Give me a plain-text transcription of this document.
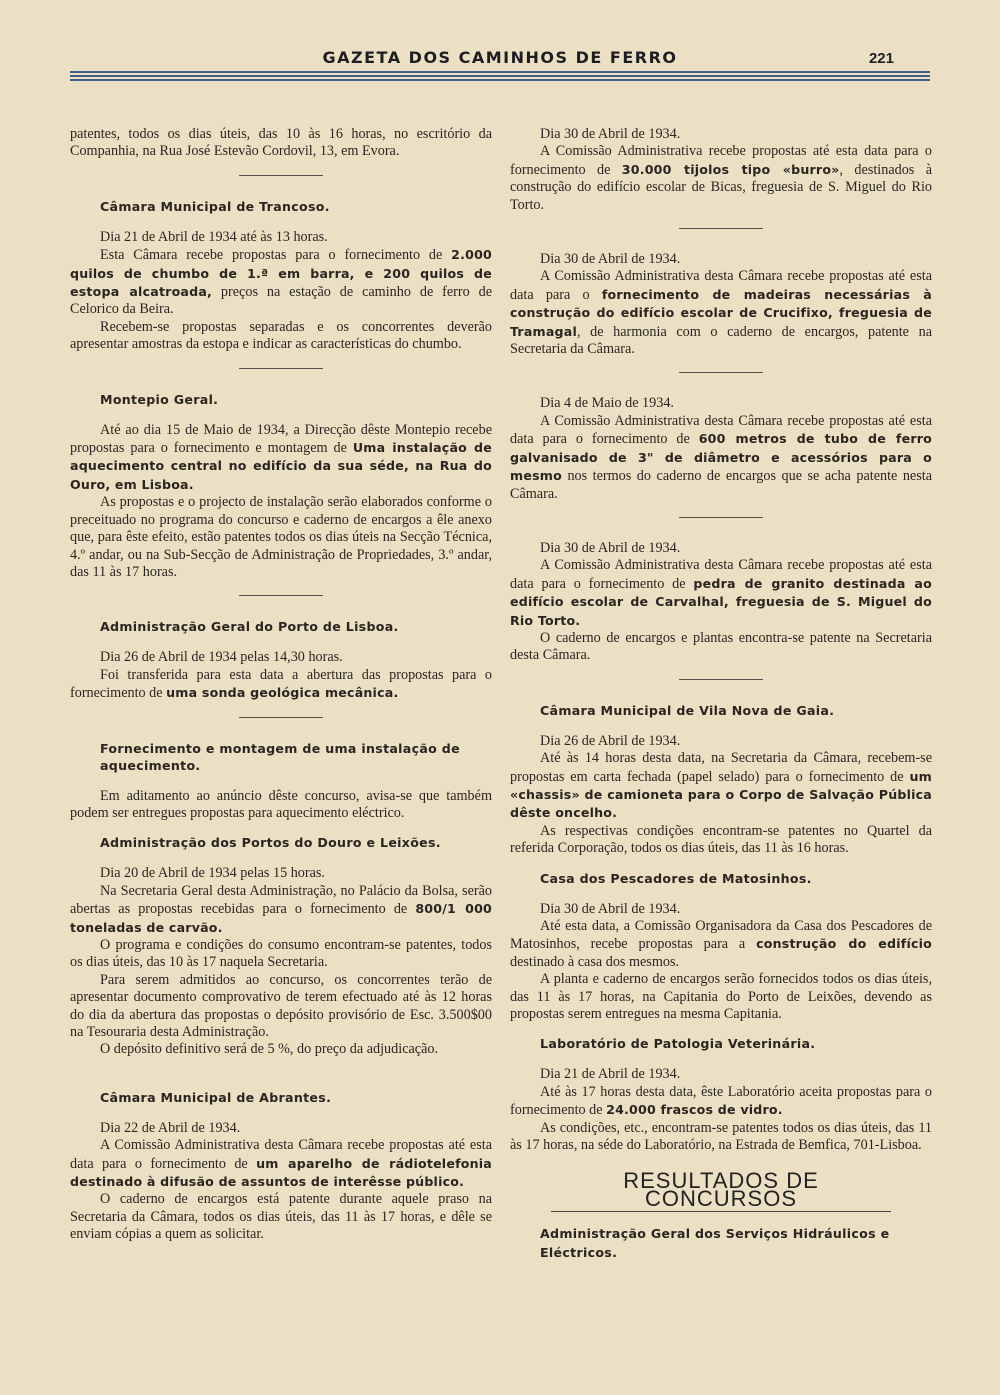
GAZETA DOS CAMINHOS DE FERRO	221

patentes, todos os dias úteis, das 10 às 16 horas, no escritório da Companhia, na Rua José Estevão Cordovil, 13, em Evora.

Câmara Municipal de Trancoso.

Dia 21 de Abril de 1934 até às 13 horas.

Esta Câmara recebe propostas para o fornecimento de 2.000 quilos de chumbo de 1.ª em barra, e 200 quilos de estopa alcatroada, preços na estação de caminho de ferro de Celorico da Beira.

Recebem-se propostas separadas e os concorrentes deverão apresentar amostras da estopa e indicar as características do chumbo.

Montepio Geral.

Até ao dia 15 de Maio de 1934, a Direcção dêste Montepio recebe propostas para o fornecimento e montagem de Uma instalação de aquecimento central no edifício da sua séde, na Rua do Ouro, em Lisboa.

As propostas e o projecto de instalação serão elaborados conforme o preceituado no programa do concurso e caderno de encargos a êle anexo que, para êste efeito, estão patentes todos os dias úteis na Secção Técnica, 4.º andar, ou na Sub-Secção de Administração de Propriedades, 3.º andar, das 11 às 17 horas.

Administração Geral do Porto de Lisboa.

Dia 26 de Abril de 1934 pelas 14,30 horas.

Foi transferida para esta data a abertura das propostas para o fornecimento de uma sonda geológica mecânica.

Fornecimento e montagem de uma instalação de aquecimento.

Em aditamento ao anúncio dêste concurso, avisa-se que também podem ser entregues propostas para aquecimento eléctrico.

Administração dos Portos do Douro e Leixões.

Dia 20 de Abril de 1934 pelas 15 horas.

Na Secretaria Geral desta Administração, no Palácio da Bolsa, serão abertas as propostas recebidas para o fornecimento de 800/1 000 toneladas de carvão.

O programa e condições do consumo encontram-se patentes, todos os dias úteis, das 10 às 17 naquela Secretaria.

Para serem admitidos ao concurso, os concorrentes terão de apresentar documento comprovativo de terem efectuado até às 12 horas do dia da abertura das propostas o depósito provisório de Esc. 3.500$00 na Tesouraria desta Administração.

O depósito definitivo será de 5 %, do preço da adjudicação.

Câmara Municipal de Abrantes.

Dia 22 de Abril de 1934.

A Comissão Administrativa desta Câmara recebe propostas até esta data para o fornecimento de um aparelho de rádiotelefonia destinado à difusão de assuntos de interêsse público.

O caderno de encargos está patente durante aquele praso na Secretaria da Câmara, todos os dias úteis, das 11 às 17 horas, e dêle se enviam cópias a quem as solicitar.

Dia 30 de Abril de 1934.

A Comissão Administrativa recebe propostas até esta data para o fornecimento de 30.000 tijolos tipo «burro», destinados à construção do edifício escolar de Bicas, freguesia de S. Miguel do Rio Torto.

Dia 30 de Abril de 1934.

A Comissão Administrativa desta Câmara recebe propostas até esta data para o fornecimento de madeiras necessárias à construção do edifício escolar de Crucifixo, freguesia de Tramagal, de harmonia com o caderno de encargos, patente na Secretaria da Câmara.

Dia 4 de Maio de 1934.

A Comissão Administrativa desta Câmara recebe propostas até esta data para o fornecimento de 600 metros de tubo de ferro galvanisado de 3" de diâmetro e acessórios para o mesmo nos termos do caderno de encargos que se acha patente nesta Câmara.

Dia 30 de Abril de 1934.

A Comissão Administrativa desta Câmara recebe propostas até esta data para o fornecimento de pedra de granito destinada ao edifício escolar de Carvalhal, freguesia de S. Miguel do Rio Torto.

O caderno de encargos e plantas encontra-se patente na Secretaria desta Câmara.

Câmara Municipal de Vila Nova de Gaia.

Dia 26 de Abril de 1934.

Até às 14 horas desta data, na Secretaria da Câmara, recebem-se propostas em carta fechada (papel selado) para o fornecimento de um «chassis» de camioneta para o Corpo de Salvação Pública dêste oncelho.

As respectivas condições encontram-se patentes no Quartel da referida Corporação, todos os dias úteis, das 11 às 16 horas.

Casa dos Pescadores de Matosinhos.

Dia 30 de Abril de 1934.

Até esta data, a Comissão Organisadora da Casa dos Pescadores de Matosinhos, recebe propostas para a construção do edifício destinado à casa dos mesmos.

A planta e caderno de encargos serão fornecidos todos os dias úteis, das 11 às 17 horas, na Capitania do Porto de Leixões, devendo as propostas serem entregues na mesma Capitania.

Laboratório de Patologia Veterinária.

Dia 21 de Abril de 1934.

Até às 17 horas desta data, êste Laboratório aceita propostas para o fornecimento de 24.000 frascos de vidro.

As condições, etc., encontram-se patentes todos os dias úteis, das 11 às 17 horas, na séde do Laboratório, na Estrada de Bemfica, 701-Lisboa.

RESULTADOS DE CONCURSOS
Administração Geral dos Serviços Hidráulicos e Eléctricos.
